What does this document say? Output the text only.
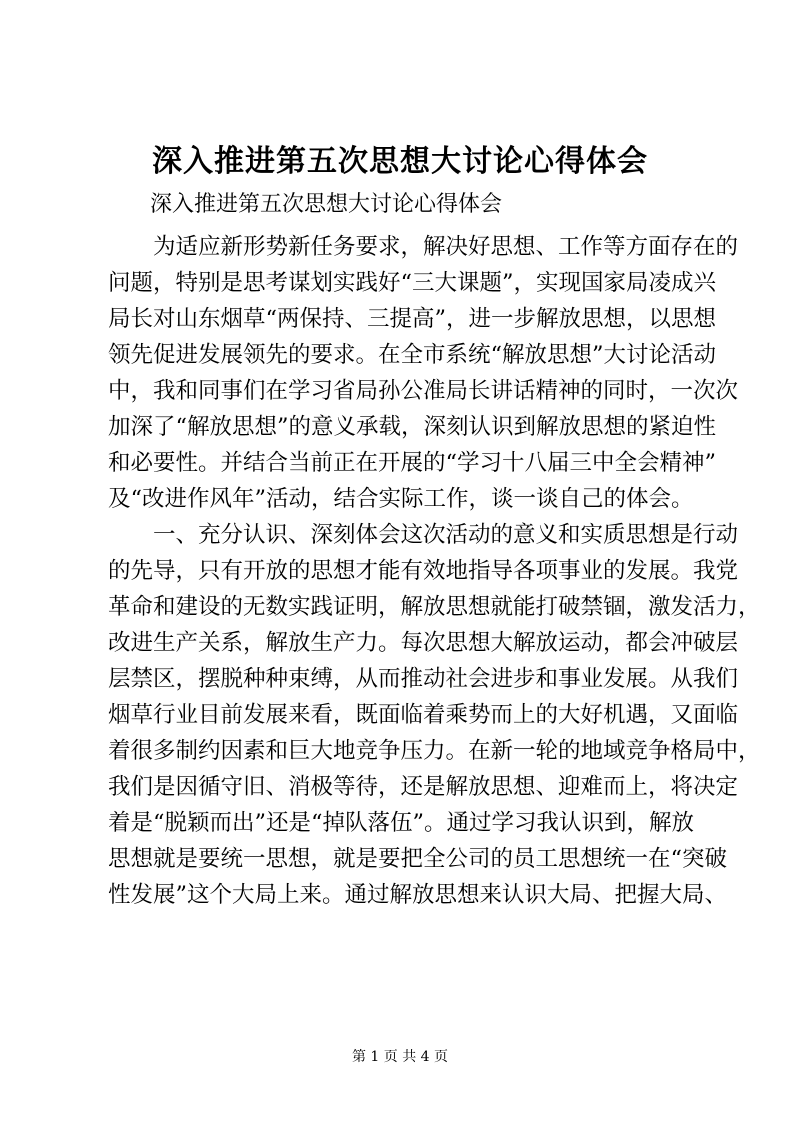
深入推进第五次思想大讨论心得体会
深入推进第五次思想大讨论心得体会
　　为适应新形势新任务要求，解决好思想、工作等方面存在的
问题，特别是思考谋划实践好“三大课题”，实现国家局凌成兴
局长对山东烟草“两保持、三提高”，进一步解放思想，以思想
领先促进发展领先的要求。在全市系统“解放思想”大讨论活动
中，我和同事们在学习省局孙公准局长讲话精神的同时，一次次
加深了“解放思想”的意义承载，深刻认识到解放思想的紧迫性
和必要性。并结合当前正在开展的“学习十八届三中全会精神”
及“改进作风年”活动，结合实际工作，谈一谈自己的体会。
　　一、充分认识、深刻体会这次活动的意义和实质思想是行动
的先导，只有开放的思想才能有效地指导各项事业的发展。我党
革命和建设的无数实践证明，解放思想就能打破禁锢，激发活力，
改进生产关系，解放生产力。每次思想大解放运动，都会冲破层
层禁区，摆脱种种束缚，从而推动社会进步和事业发展。从我们
烟草行业目前发展来看，既面临着乘势而上的大好机遇，又面临
着很多制约因素和巨大地竞争压力。在新一轮的地域竞争格局中，
我们是因循守旧、消极等待，还是解放思想、迎难而上，将决定
着是“脱颖而出”还是“掉队落伍”。通过学习我认识到，解放
思想就是要统一思想，就是要把全公司的员工思想统一在“突破
性发展”这个大局上来。通过解放思想来认识大局、把握大局、
第 1 页 共 4 页
